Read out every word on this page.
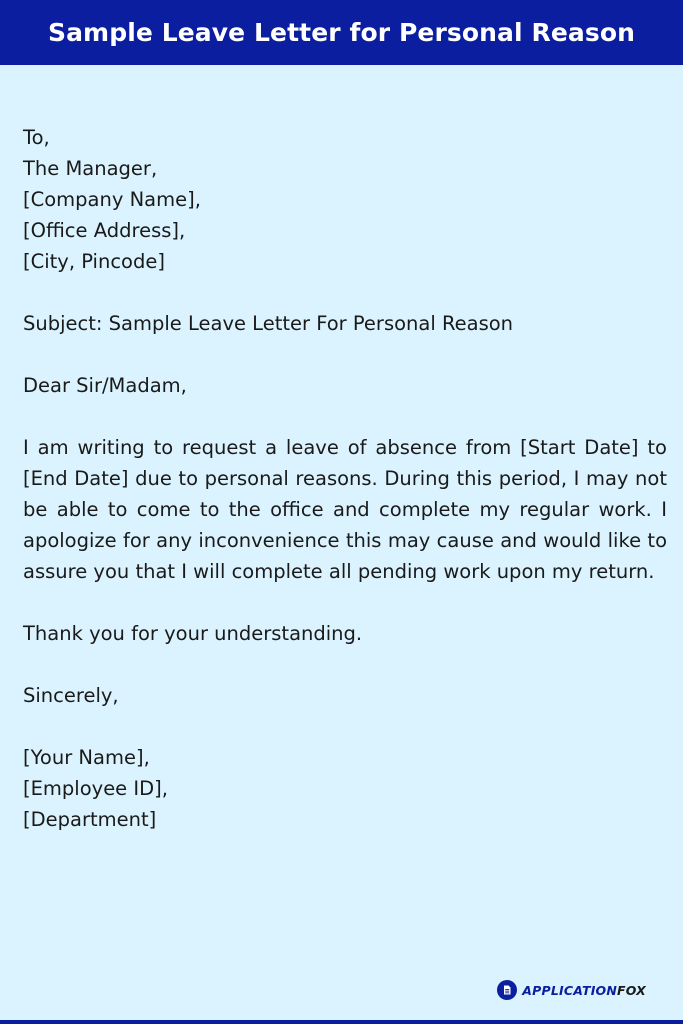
Sample Leave Letter for Personal Reason

To,
The Manager,
[Company Name],
[Office Address],
[City, Pincode]

Subject: Sample Leave Letter For Personal Reason

Dear Sir/Madam,

I am writing to request a leave of absence from [Start Date] to [End Date] due to personal reasons. During this period, I may not be able to come to the office and complete my regular work. I apologize for any inconvenience this may cause and would like to assure you that I will complete all pending work upon my return.

Thank you for your understanding.

Sincerely,

[Your Name],
[Employee ID],
[Department]

APPLICATIONFOX
